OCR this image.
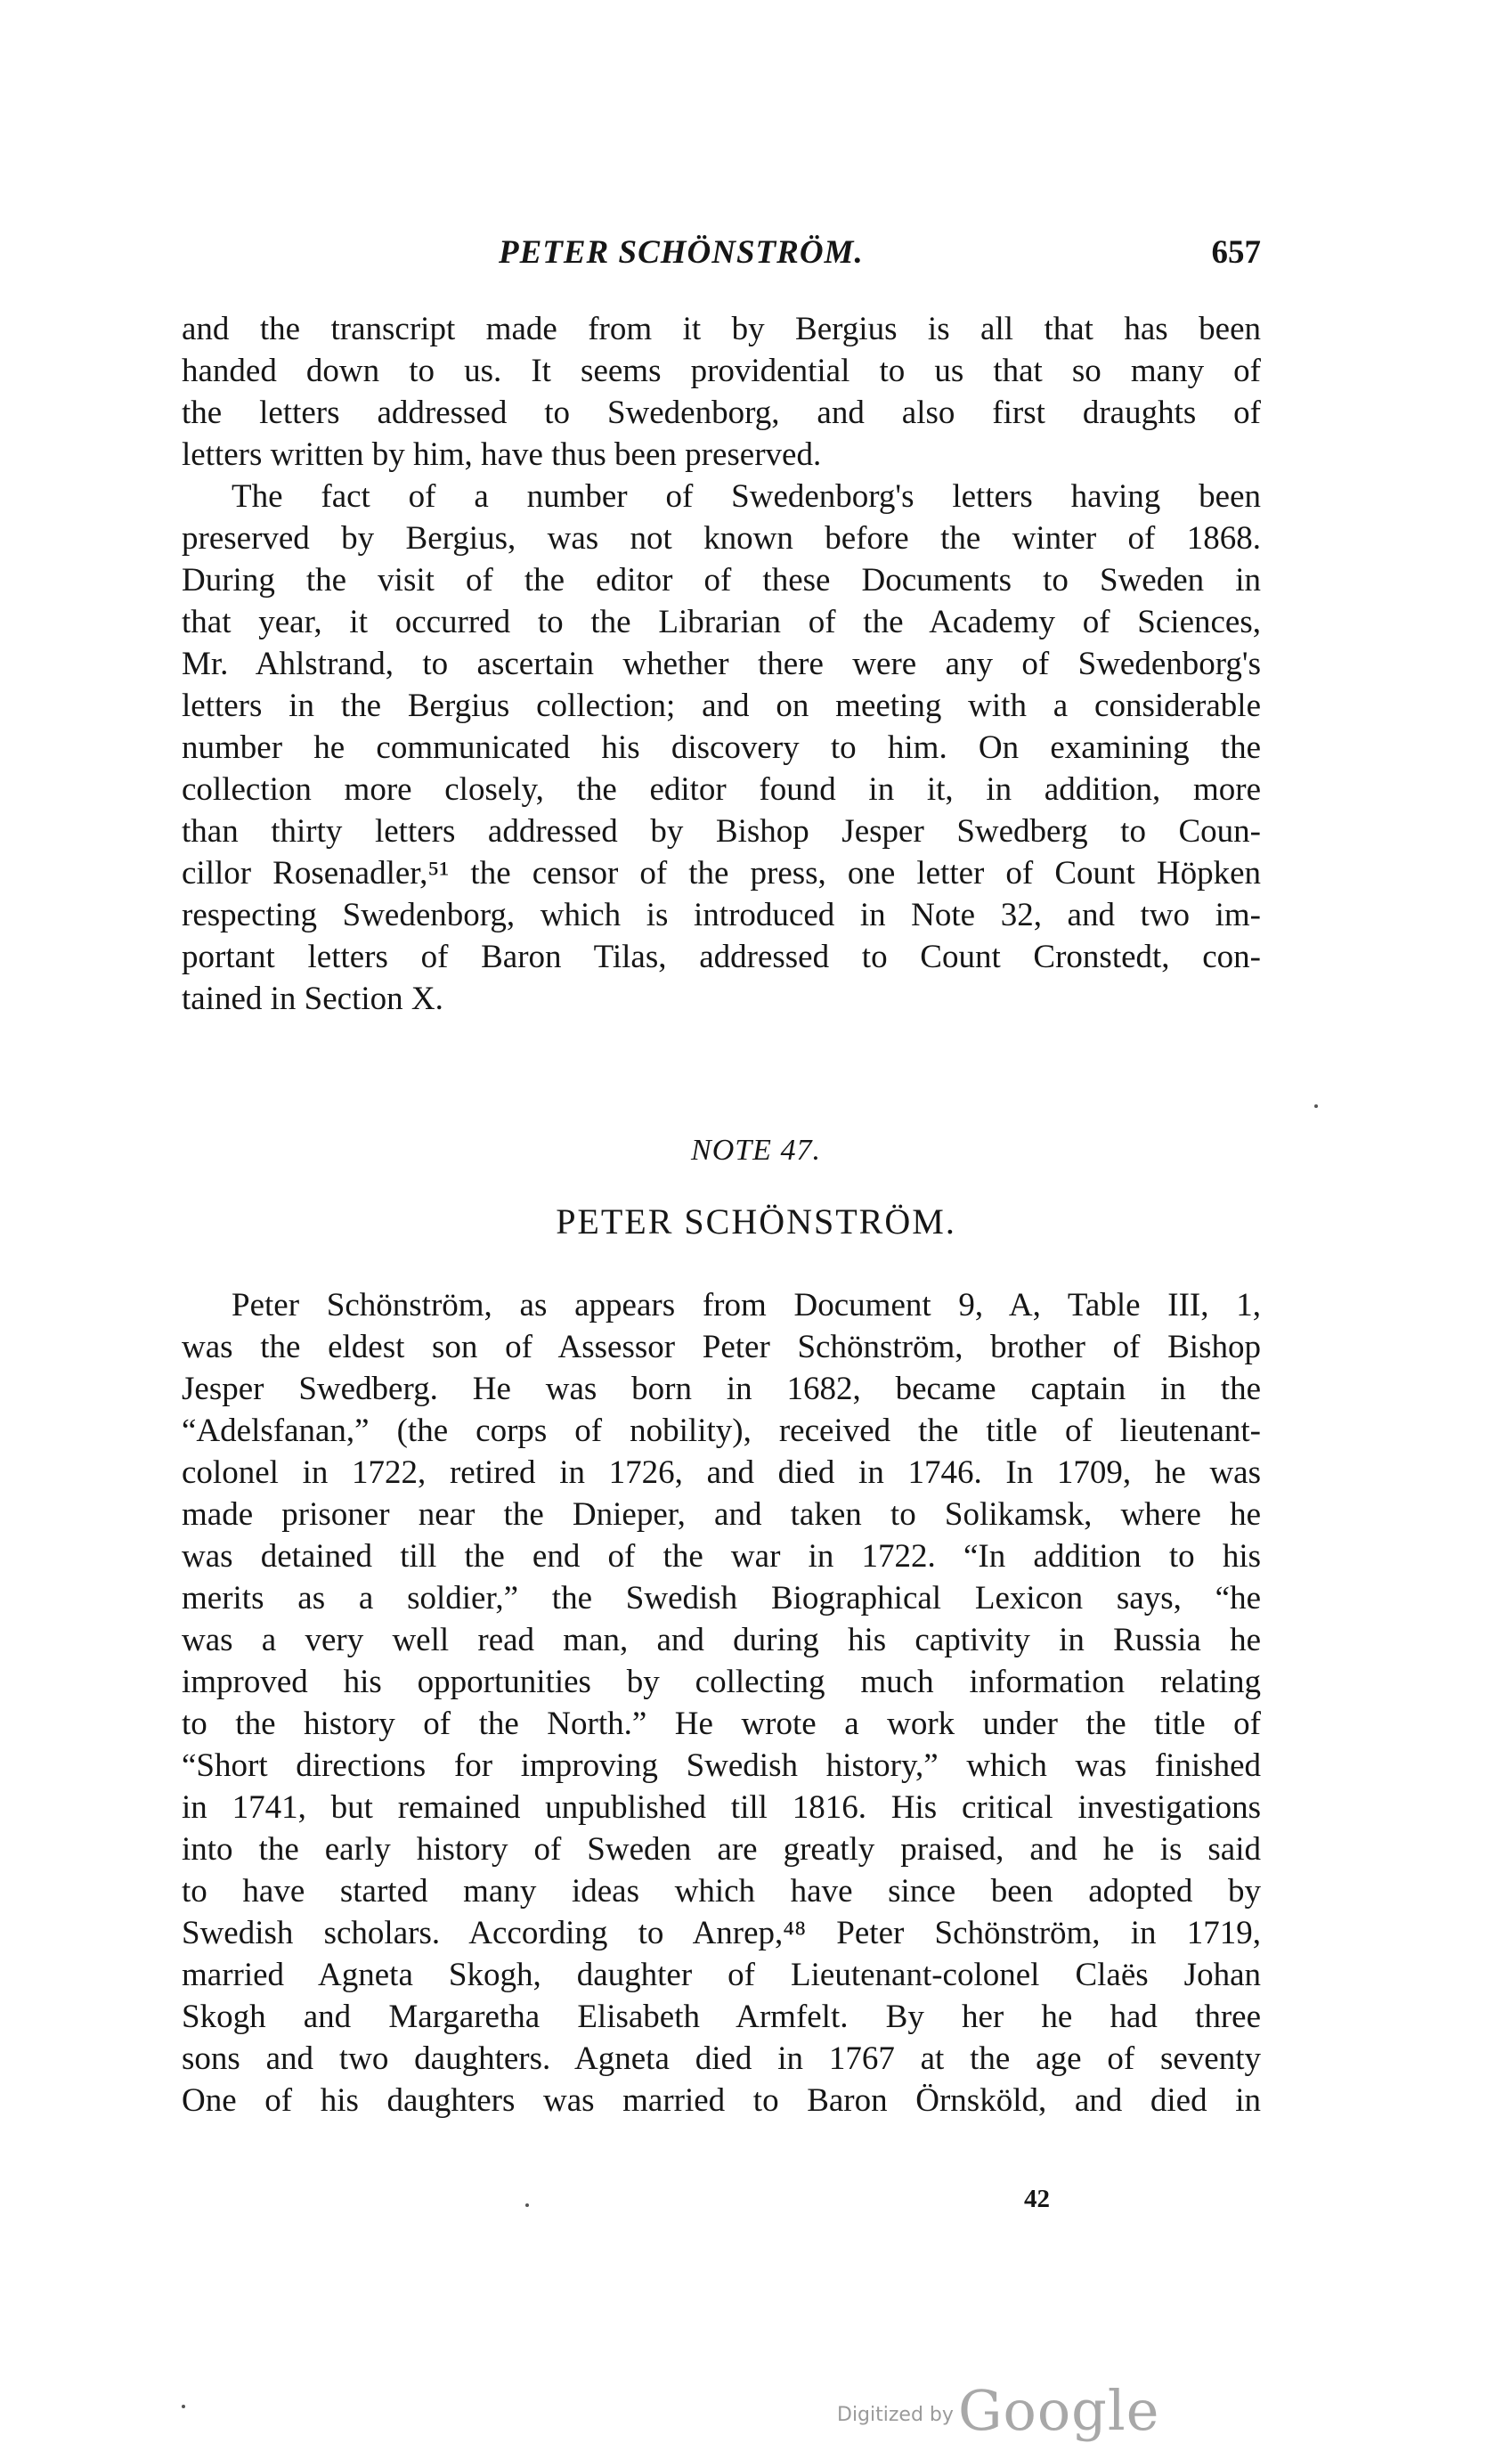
PETER SCHÖNSTRÖM.	657
and the transcript made from it by Bergius is all that has been
handed down to us. It seems providential to us that so many of
the letters addressed to Swedenborg, and also first draughts of
letters written by him, have thus been preserved.
The fact of a number of Swedenborg's letters having been
preserved by Bergius, was not known before the winter of 1868.
During the visit of the editor of these Documents to Sweden in
that year, it occurred to the Librarian of the Academy of Sciences,
Mr. Ahlstrand, to ascertain whether there were any of Swedenborg's
letters in the Bergius collection; and on meeting with a considerable
number he communicated his discovery to him. On examining the
collection more closely, the editor found in it, in addition, more
than thirty letters addressed by Bishop Jesper Swedberg to Coun-
cillor Rosenadler,⁵¹ the censor of the press, one letter of Count Höpken
respecting Swedenborg, which is introduced in Note 32, and two im-
portant letters of Baron Tilas, addressed to Count Cronstedt, con-
tained in Section X.
NOTE 47.
PETER SCHÖNSTRÖM.
Peter Schönström, as appears from Document 9, A, Table III, 1,
was the eldest son of Assessor Peter Schönström, brother of Bishop
Jesper Swedberg. He was born in 1682, became captain in the
“Adelsfanan,” (the corps of nobility), received the title of lieutenant-
colonel in 1722, retired in 1726, and died in 1746. In 1709, he was
made prisoner near the Dnieper, and taken to Solikamsk, where he
was detained till the end of the war in 1722. “In addition to his
merits as a soldier,” the Swedish Biographical Lexicon says, “he
was a very well read man, and during his captivity in Russia he
improved his opportunities by collecting much information relating
to the history of the North.” He wrote a work under the title of
“Short directions for improving Swedish history,” which was finished
in 1741, but remained unpublished till 1816. His critical investigations
into the early history of Sweden are greatly praised, and he is said
to have started many ideas which have since been adopted by
Swedish scholars. According to Anrep,⁴⁸ Peter Schönström, in 1719,
married Agneta Skogh, daughter of Lieutenant-colonel Claës Johan
Skogh and Margaretha Elisabeth Armfelt. By her he had three
sons and two daughters. Agneta died in 1767 at the age of seventy
One of his daughters was married to Baron Örnsköld, and died in
42
Digitized by Google
